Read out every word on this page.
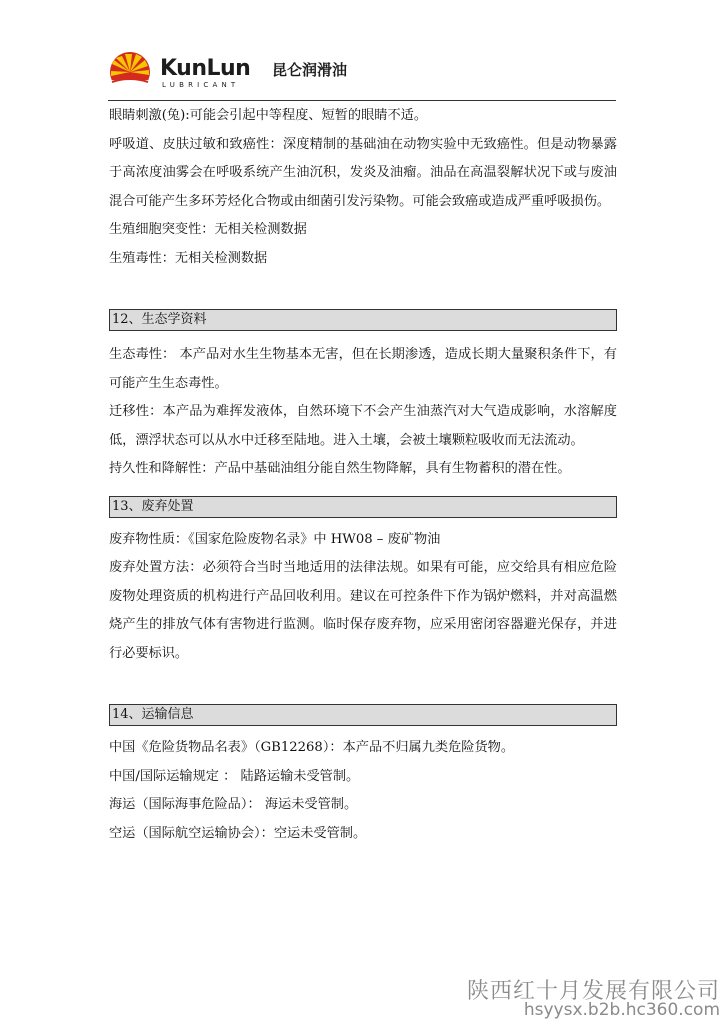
KunLun 昆仑润滑油
LUBRICANT

眼睛刺激(兔):可能会引起中等程度、短暂的眼睛不适。

呼吸道、皮肤过敏和致癌性：深度精制的基础油在动物实验中无致癌性。但是动物暴露于高浓度油雾会在呼吸系统产生油沉积，发炎及油瘤。油品在高温裂解状况下或与废油混合可能产生多环芳烃化合物或由细菌引发污染物。可能会致癌或造成严重呼吸损伤。

生殖细胞突变性：无相关检测数据

生殖毒性：无相关检测数据

12、生态学资料

生态毒性： 本产品对水生生物基本无害，但在长期渗透，造成长期大量聚积条件下，有可能产生生态毒性。

迁移性：本产品为难挥发液体，自然环境下不会产生油蒸汽对大气造成影响，水溶解度低，漂浮状态可以从水中迁移至陆地。进入土壤，会被土壤颗粒吸收而无法流动。

持久性和降解性：产品中基础油组分能自然生物降解，具有生物蓄积的潜在性。

13、废弃处置

废弃物性质：《国家危险废物名录》中 HW08 – 废矿物油

废弃处置方法：必须符合当时当地适用的法律法规。如果有可能，应交给具有相应危险废物处理资质的机构进行产品回收利用。建议在可控条件下作为锅炉燃料，并对高温燃烧产生的排放气体有害物进行监测。临时保存废弃物，应采用密闭容器避光保存，并进行必要标识。

14、运输信息

中国《危险货物品名表》（GB12268）：本产品不归属九类危险货物。

中国/国际运输规定 ： 陆路运输未受管制。

海运（国际海事危险品）： 海运未受管制。

空运（国际航空运输协会）：空运未受管制。

陕西红十月发展有限公司
hsyysx.b2b.hc360.com
